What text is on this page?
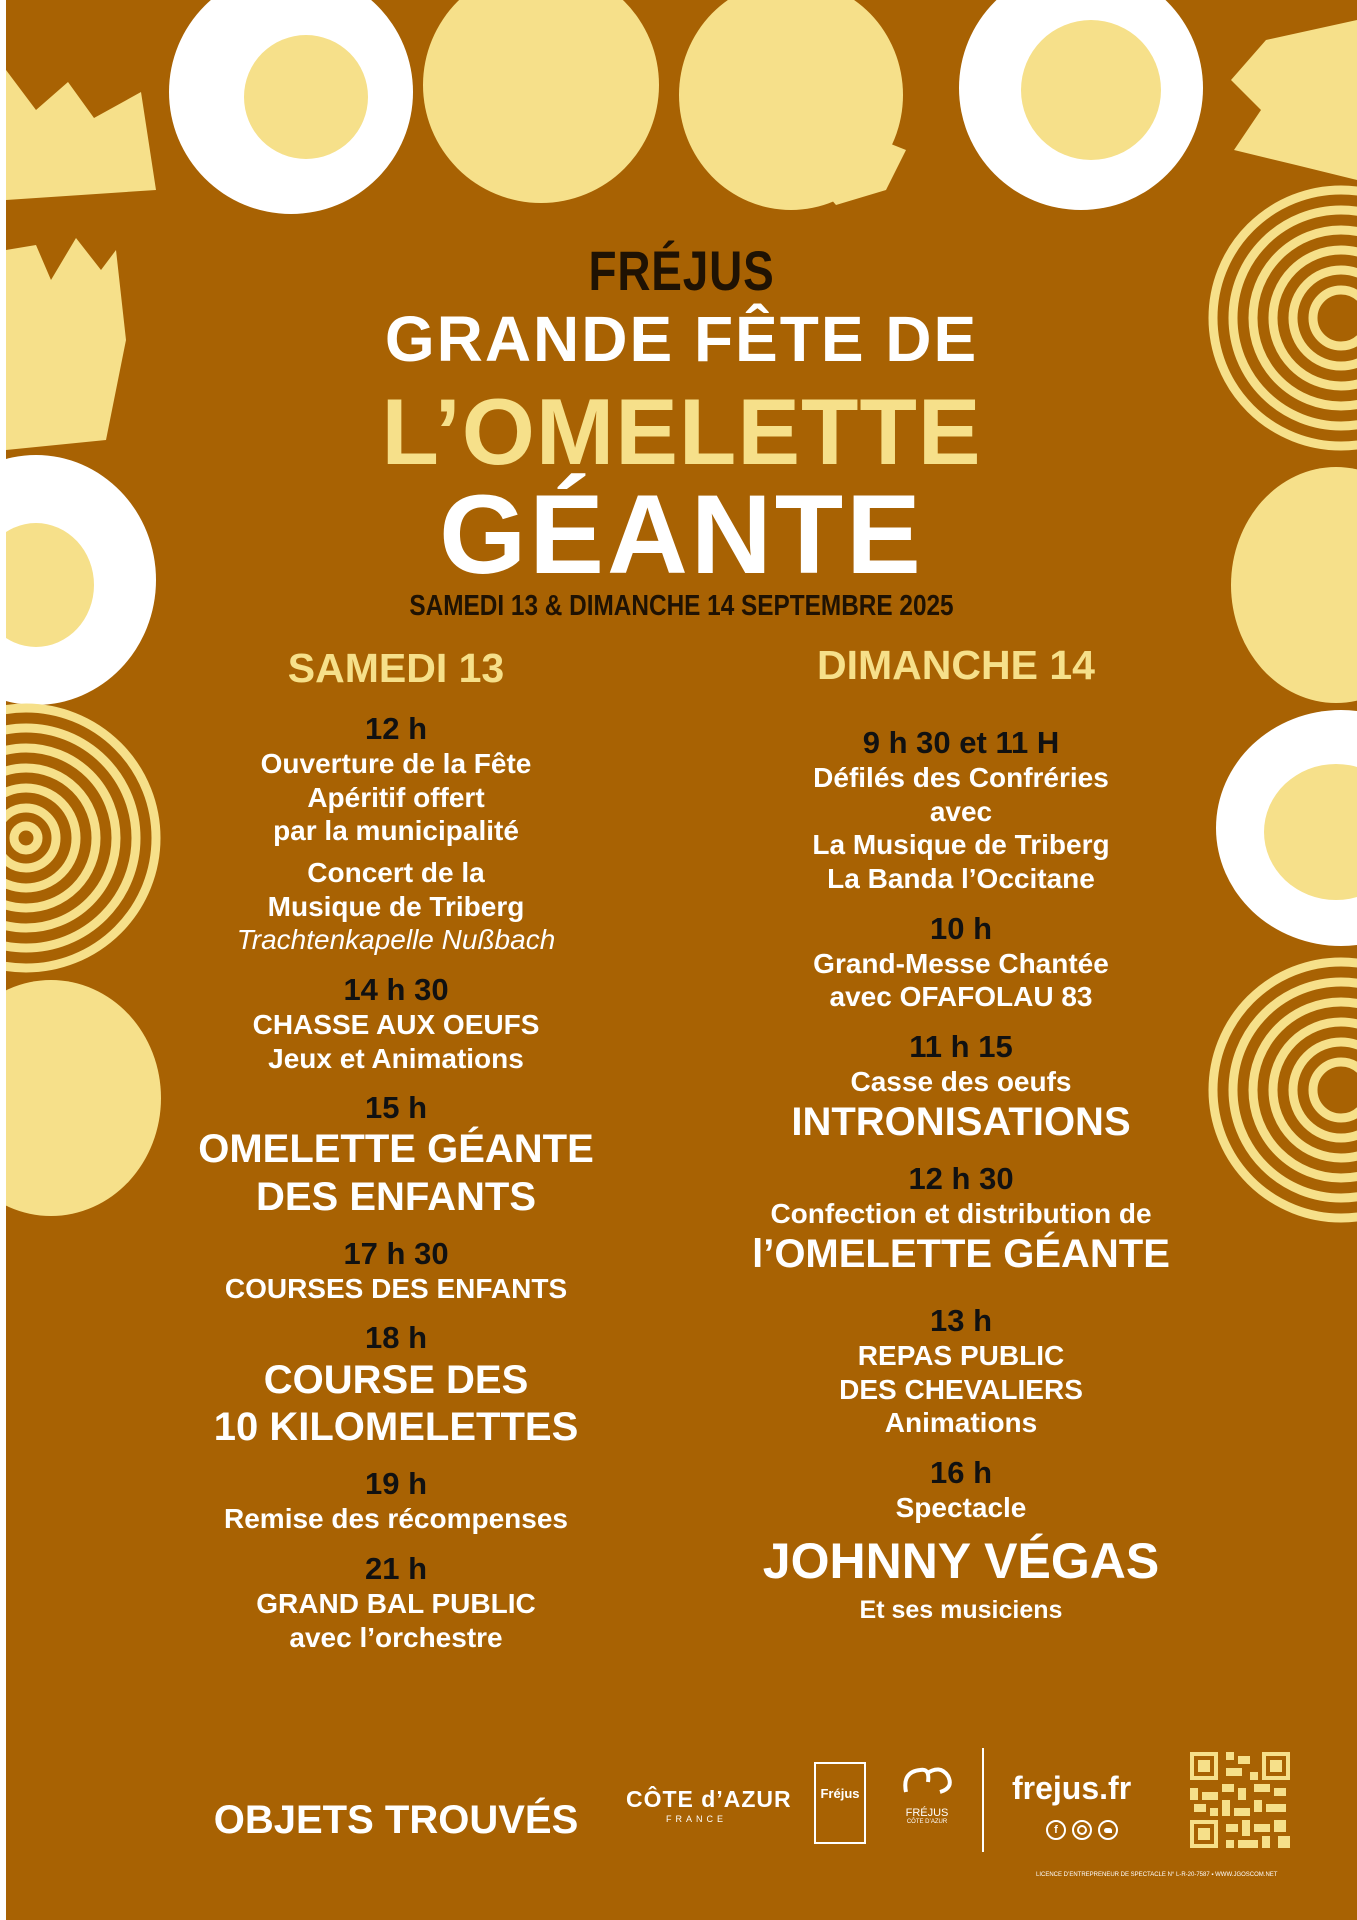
FRÉJUS
GRANDE FÊTE DE
L’OMELETTE
GÉANTE
SAMEDI 13 & DIMANCHE 14 SEPTEMBRE 2025
SAMEDI 13	DIMANCHE 14
12 h
Ouverture de la Fête
Apéritif offert
par la municipalité
Concert de la
Musique de Triberg
Trachtenkapelle Nußbach
14 h 30
CHASSE AUX OEUFS
Jeux et Animations
15 h
OMELETTE GÉANTE
DES ENFANTS
17 h 30
COURSES DES ENFANTS
18 h
COURSE DES
10 KILOMELETTES
19 h
Remise des récompenses
21 h
GRAND BAL PUBLIC
avec l’orchestre
OBJETS TROUVÉS
9 h 30 et 11 H
Défilés des Confréries
avec
La Musique de Triberg
La Banda l’Occitane
10 h
Grand-Messe Chantée
avec OFAFOLAU 83
11 h 15
Casse des oeufs
INTRONISATIONS
12 h 30
Confection et distribution de
l’OMELETTE GÉANTE
13 h
REPAS PUBLIC
DES CHEVALIERS
Animations
16 h
Spectacle
JOHNNY VÉGAS
Et ses musiciens
CÔTE d’AZUR
FRANCE
Fréjus
FRÉJUS
CÔTE D’AZUR
frejus.fr
f
LICENCE D’ENTREPRENEUR DE SPECTACLE N° L-R-20-7587 ▪ WWW.JGOSCOM.NET
